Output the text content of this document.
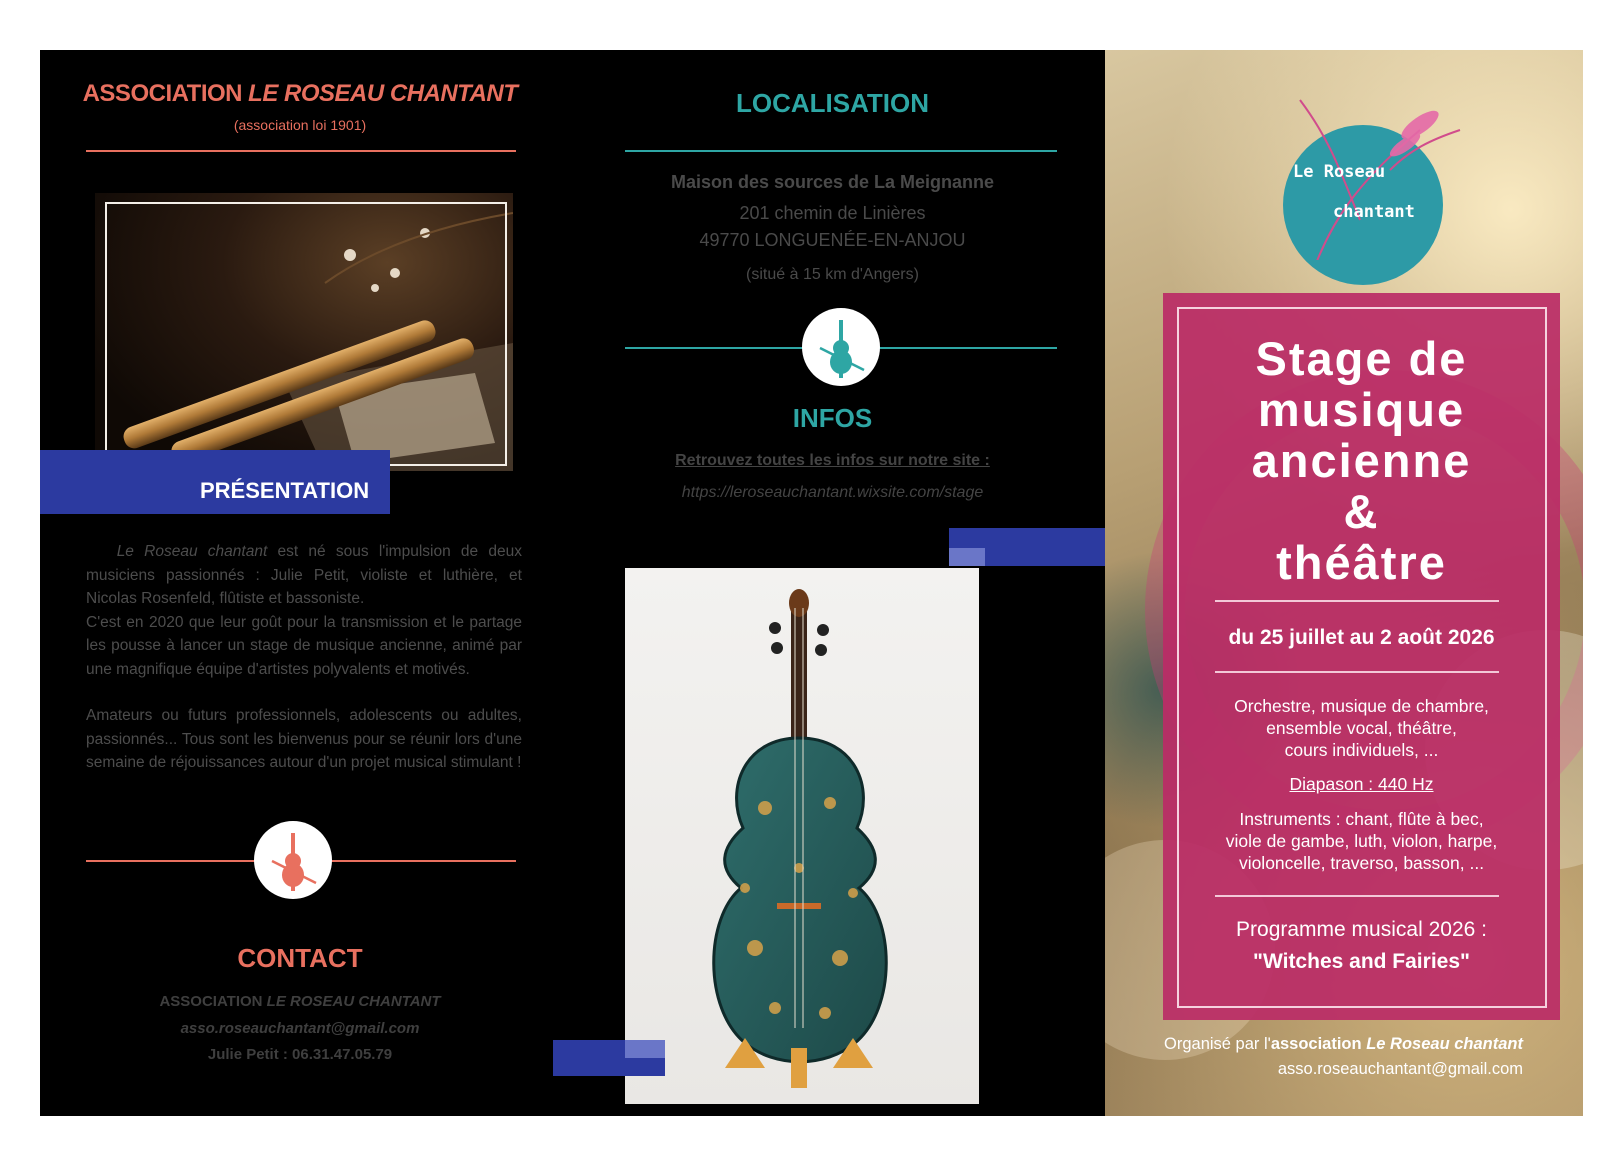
ASSOCIATION LE ROSEAU CHANTANT
(association loi 1901)
PRÉSENTATION

Le Roseau chantant est né sous l'impulsion de deux musiciens passionnés : Julie Petit, violiste et luthière, et Nicolas Rosenfeld, flûtiste et bassoniste.
C'est en 2020 que leur goût pour la transmission et le partage les pousse à lancer un stage de musique ancienne, animé par une magnifique équipe d'artistes polyvalents et motivés.

Amateurs ou futurs professionnels, adolescents ou adultes, passionnés... Tous sont les bienvenus pour se réunir lors d'une semaine de réjouissances autour d'un projet musical stimulant !

CONTACT
ASSOCIATION LE ROSEAU CHANTANT
asso.roseauchantant@gmail.com
Julie Petit : 06.31.47.05.79
LOCALISATION
Maison des sources de La Meignanne
201 chemin de Linières
49770 LONGUENÉE-EN-ANJOU
(situé à 15 km d'Angers)
INFOS
Retrouvez toutes les infos sur notre site :
https://leroseauchantant.wixsite.com/stage
Le Roseau
chantant
Stage de
musique
ancienne
&
théâtre
du 25 juillet au 2 août 2026
Orchestre, musique de chambre,
ensemble vocal, théâtre,
cours individuels, ...
Diapason : 440 Hz
Instruments : chant, flûte à bec,
viole de gambe, luth, violon, harpe,
violoncelle, traverso, basson, ...
Programme musical 2026 :
"Witches and Fairies"
Organisé par l'association Le Roseau chantant
asso.roseauchantant@gmail.com
